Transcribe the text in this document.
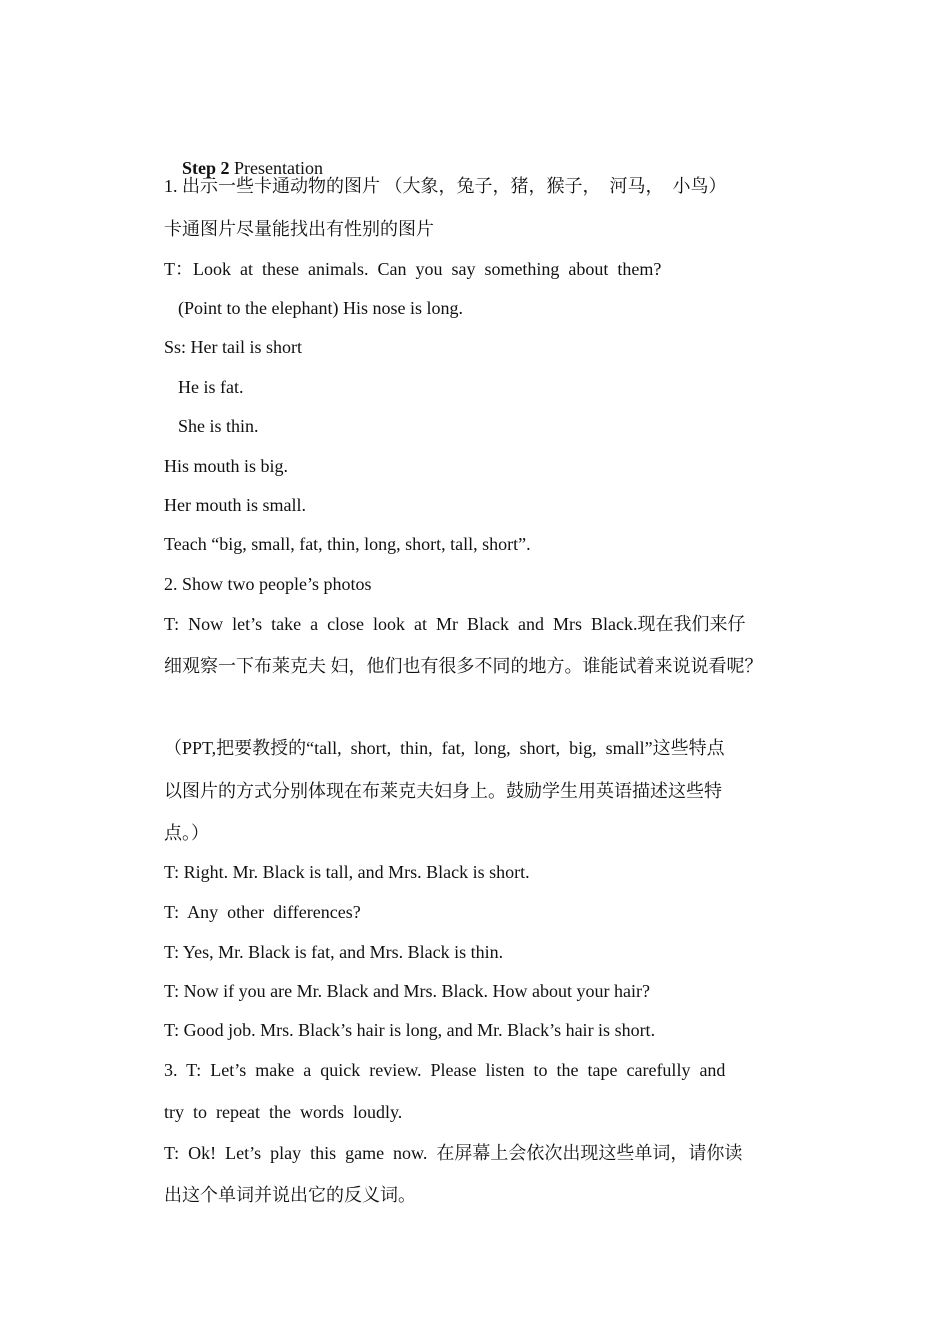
Step 2 Presentation

1. 出示一些卡通动物的图片 （大象，兔子，猪，猴子，  河马，  小鸟）
卡通图片尽量能找出有性别的图片
T：Look  at  these  animals.  Can  you  say  something  about  them?
(Point to the elephant) His nose is long.
Ss: Her tail is short
He is fat.
She is thin.
His mouth is big.
Her mouth is small.
Teach “big, small, fat, thin, long, short, tall, short”.
2. Show two people’s photos
T:  Now  let’s  take  a  close  look  at  Mr  Black  and  Mrs  Black.现在我们来仔
细观察一下布莱克夫 妇，他们也有很多不同的地方。谁能试着来说说看呢？
（PPT,把要教授的“tall,  short,  thin,  fat,  long,  short,  big,  small”这些特点
以图片的方式分别体现在布莱克夫妇身上。鼓励学生用英语描述这些特
点。）
T: Right. Mr. Black is tall, and Mrs. Black is short.
T:  Any  other  differences?
T: Yes, Mr. Black is fat, and Mrs. Black is thin.
T: Now if you are Mr. Black and Mrs. Black. How about your hair?
T: Good job. Mrs. Black’s hair is long, and Mr. Black’s hair is short.
3.  T:  Let’s  make  a  quick  review.  Please  listen  to  the  tape  carefully  and
try  to  repeat  the  words  loudly.
T:  Ok!  Let’s  play  this  game  now.  在屏幕上会依次出现这些单词，请你读
出这个单词并说出它的反义词。
